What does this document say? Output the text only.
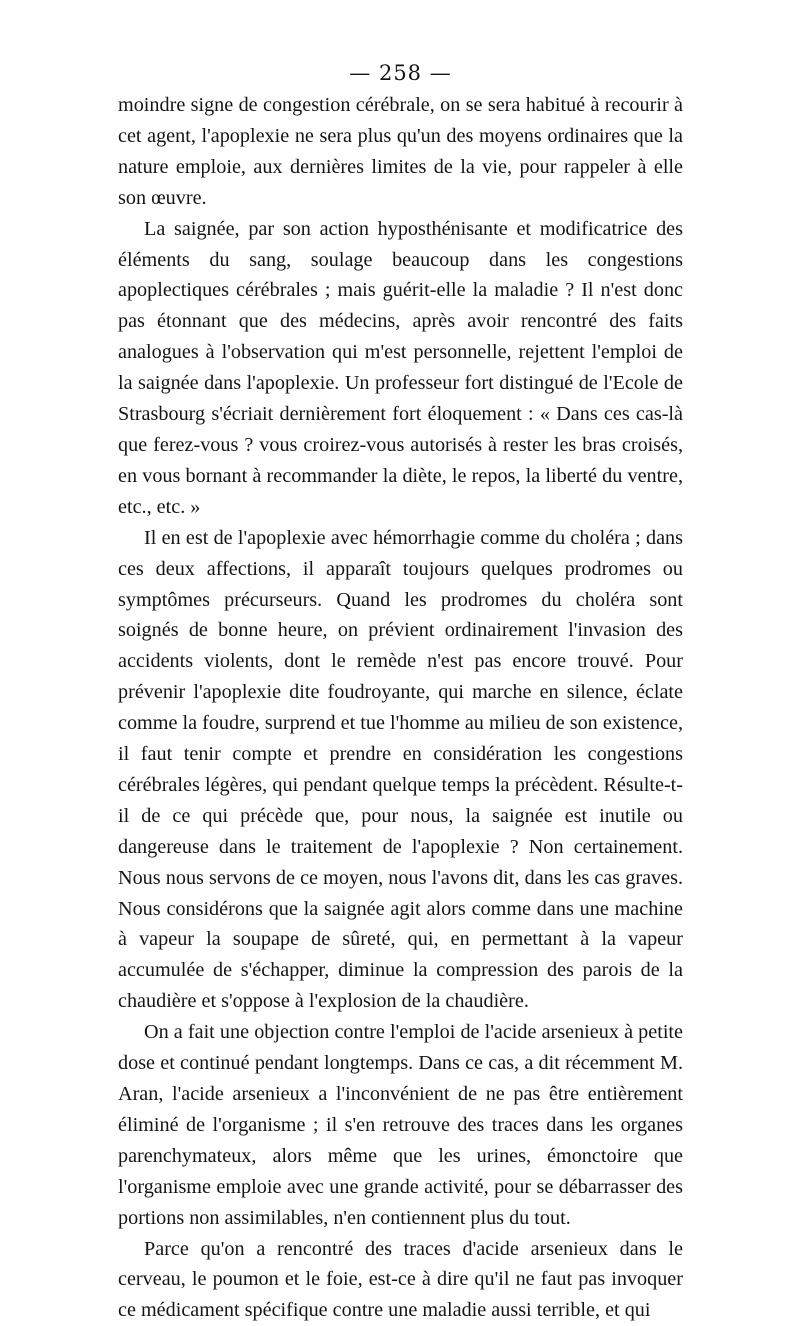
— 258 —

moindre signe de congestion cérébrale, on se sera habitué à recourir à cet agent, l'apoplexie ne sera plus qu'un des moyens ordinaires que la nature emploie, aux dernières limites de la vie, pour rappeler à elle son œuvre.

La saignée, par son action hyposthénisante et modificatrice des éléments du sang, soulage beaucoup dans les congestions apoplectiques cérébrales ; mais guérit-elle la maladie ? Il n'est donc pas étonnant que des médecins, après avoir rencontré des faits analogues à l'observation qui m'est personnelle, rejettent l'emploi de la saignée dans l'apoplexie. Un professeur fort distingué de l'Ecole de Strasbourg s'écriait dernièrement fort éloquement : « Dans ces cas-là que ferez-vous ? vous croirez-vous autorisés à rester les bras croisés, en vous bornant à recommander la diète, le repos, la liberté du ventre, etc., etc. »

Il en est de l'apoplexie avec hémorrhagie comme du choléra ; dans ces deux affections, il apparaît toujours quelques prodromes ou symptômes précurseurs. Quand les prodromes du choléra sont soignés de bonne heure, on prévient ordinairement l'invasion des accidents violents, dont le remède n'est pas encore trouvé. Pour prévenir l'apoplexie dite foudroyante, qui marche en silence, éclate comme la foudre, surprend et tue l'homme au milieu de son existence, il faut tenir compte et prendre en considération les congestions cérébrales légères, qui pendant quelque temps la précèdent. Résulte-t-il de ce qui précède que, pour nous, la saignée est inutile ou dangereuse dans le traitement de l'apoplexie ? Non certainement. Nous nous servons de ce moyen, nous l'avons dit, dans les cas graves. Nous considérons que la saignée agit alors comme dans une machine à vapeur la soupape de sûreté, qui, en permettant à la vapeur accumulée de s'échapper, diminue la compression des parois de la chaudière et s'oppose à l'explosion de la chaudière.

On a fait une objection contre l'emploi de l'acide arsenieux à petite dose et continué pendant longtemps. Dans ce cas, a dit récemment M. Aran, l'acide arsenieux a l'inconvénient de ne pas être entièrement éliminé de l'organisme ; il s'en retrouve des traces dans les organes parenchymateux, alors même que les urines, émonctoire que l'organisme emploie avec une grande activité, pour se débarrasser des portions non assimilables, n'en contiennent plus du tout.

Parce qu'on a rencontré des traces d'acide arsenieux dans le cerveau, le poumon et le foie, est-ce à dire qu'il ne faut pas invoquer ce médicament spécifique contre une maladie aussi terrible, et qui
